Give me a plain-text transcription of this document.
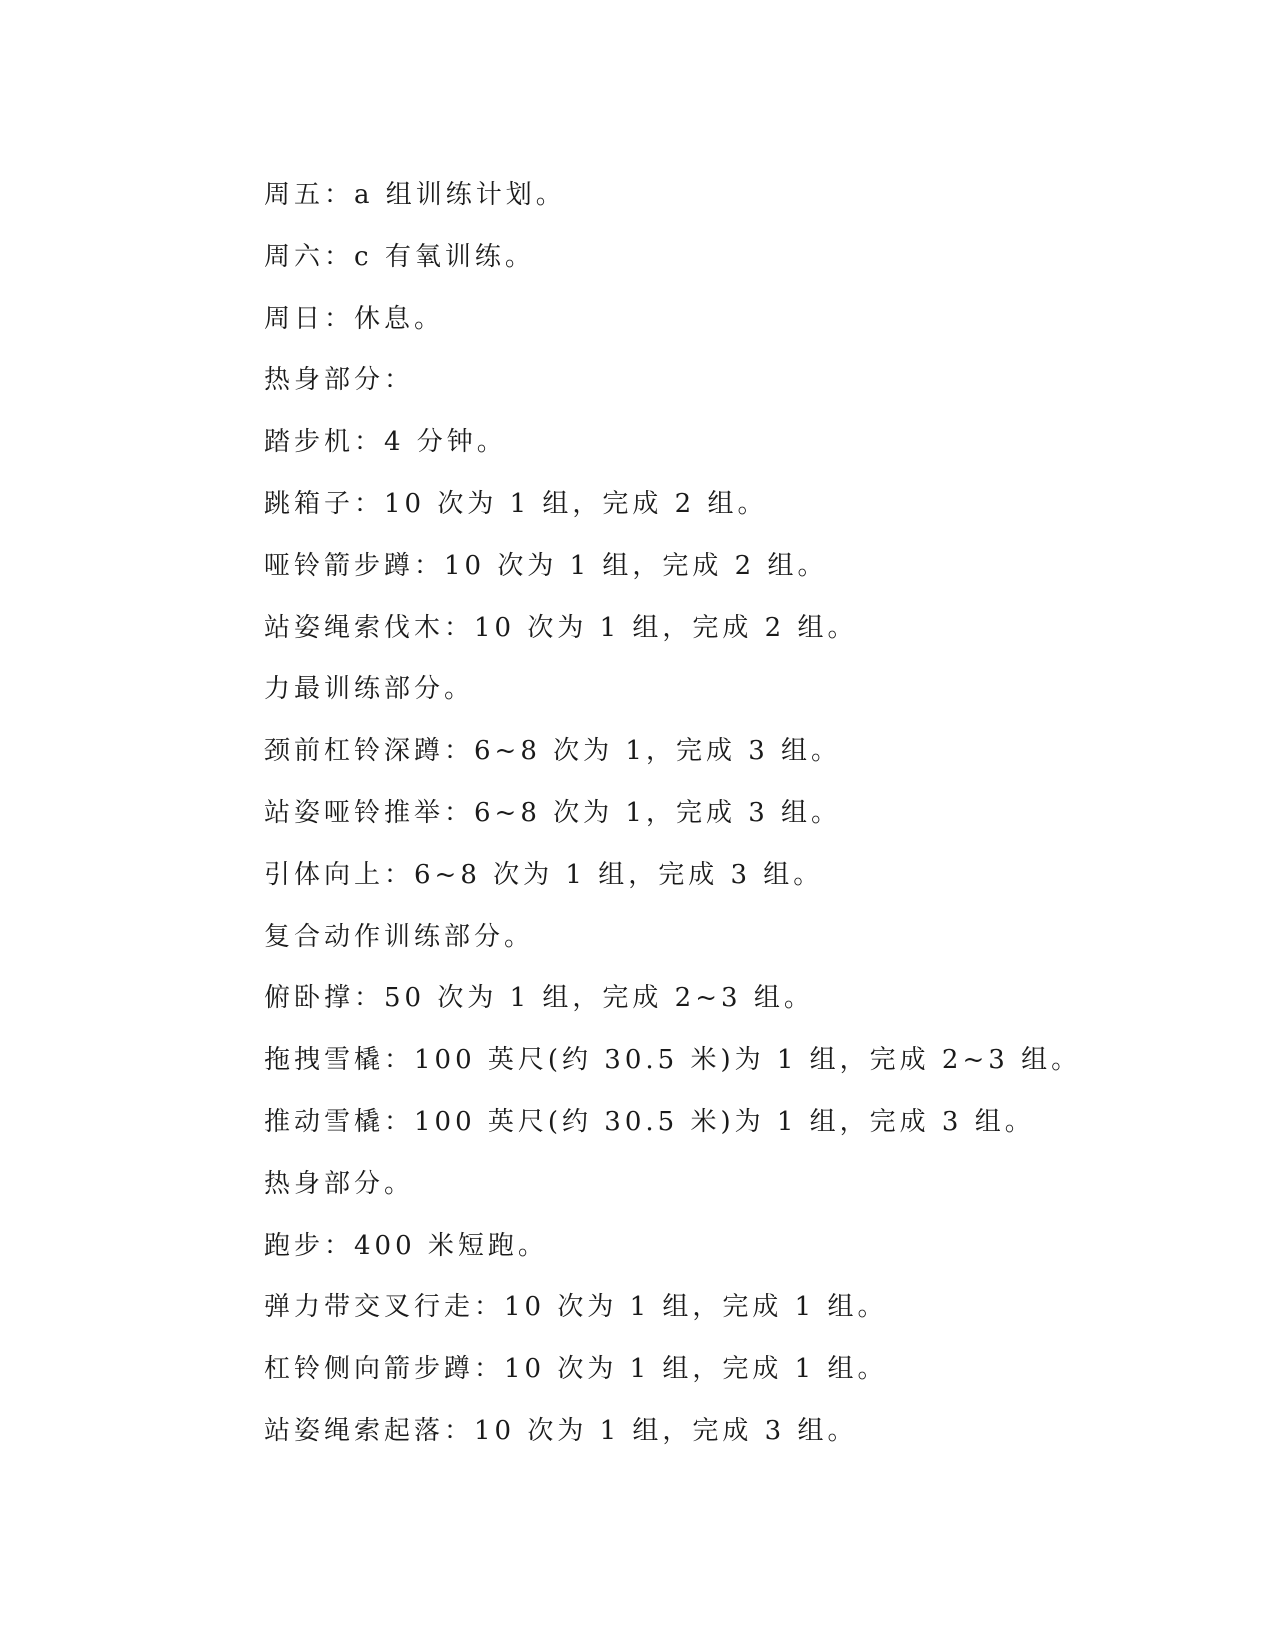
周五：a 组训练计划。
周六：c 有氧训练。
周日：休息。
热身部分：
踏步机：4 分钟。
跳箱子：10 次为 1 组，完成 2 组。
哑铃箭步蹲：10 次为 1 组，完成 2 组。
站姿绳索伐木：10 次为 1 组，完成 2 组。
力最训练部分。
颈前杠铃深蹲：6~8 次为 1，完成 3 组。
站姿哑铃推举：6~8 次为 1，完成 3 组。
引体向上：6~8 次为 1 组，完成 3 组。
复合动作训练部分。
俯卧撑：50 次为 1 组，完成 2~3 组。
拖拽雪橇：100 英尺(约 30.5 米)为 1 组，完成 2~3 组。
推动雪橇：100 英尺(约 30.5 米)为 1 组，完成 3 组。
热身部分。
跑步：400 米短跑。
弹力带交叉行走：10 次为 1 组，完成 1 组。
杠铃侧向箭步蹲：10 次为 1 组，完成 1 组。
站姿绳索起落：10 次为 1 组，完成 3 组。
